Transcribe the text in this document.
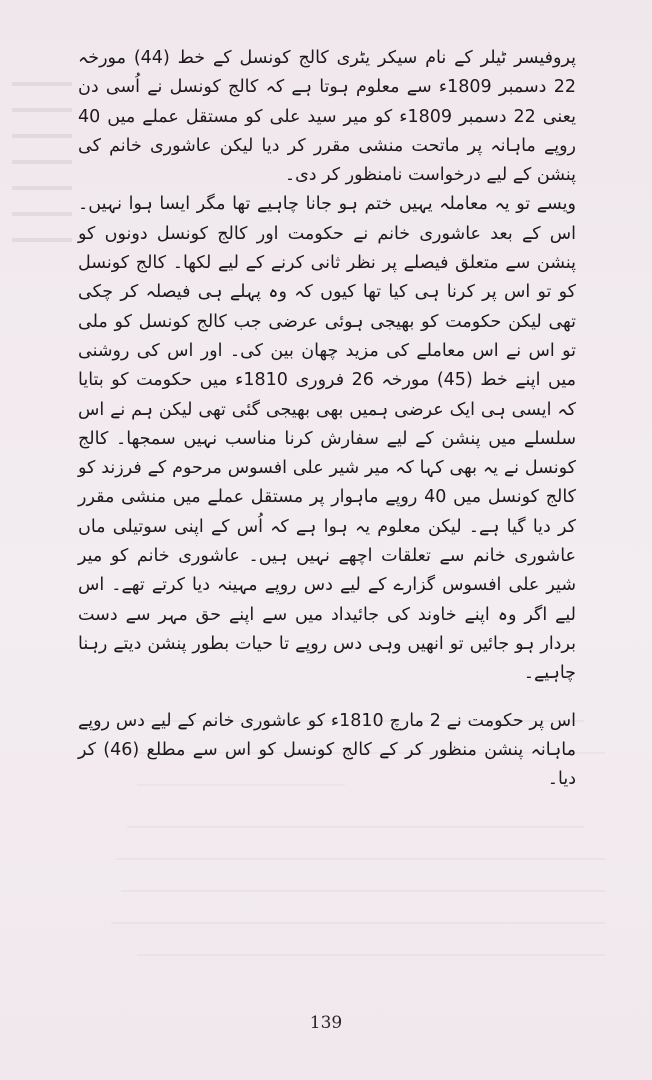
پروفیسر ٹیلر کے نام سیکر یٹری کالج کونسل کے خط (44) مورخہ 22 دسمبر 1809ء سے معلوم ہوتا ہے کہ کالج کونسل نے اُسی دن یعنی 22 دسمبر 1809ء کو میر سید علی کو مستقل عملے میں 40 روپے ماہانہ پر ماتحت منشی مقرر کر دیا لیکن عاشوری خانم کی پنشن کے لیے درخواست نامنظور کر دی۔

ویسے تو یہ معاملہ یہیں ختم ہو جانا چاہیے تھا مگر ایسا ہوا نہیں۔ اس کے بعد عاشوری خانم نے حکومت اور کالج کونسل دونوں کو پنشن سے متعلق فیصلے پر نظر ثانی کرنے کے لیے لکھا۔ کالج کونسل کو تو اس پر کرنا ہی کیا تھا کیوں کہ وہ پہلے ہی فیصلہ کر چکی تھی لیکن حکومت کو بھیجی ہوئی عرضی جب کالج کونسل کو ملی تو اس نے اس معاملے کی مزید چھان بین کی۔ اور اس کی روشنی میں اپنے خط (45) مورخہ 26 فروری 1810ء میں حکومت کو بتایا کہ ایسی ہی ایک عرضی ہمیں بھی بھیجی گئی تھی لیکن ہم نے اس سلسلے میں پنشن کے لیے سفارش کرنا مناسب نہیں سمجھا۔ کالج کونسل نے یہ بھی کہا کہ میر شیر علی افسوس مرحوم کے فرزند کو کالج کونسل میں 40 روپے ماہوار پر مستقل عملے میں منشی مقرر کر دیا گیا ہے۔ لیکن معلوم یہ ہوا ہے کہ اُس کے اپنی سوتیلی ماں عاشوری خانم سے تعلقات اچھے نہیں ہیں۔ عاشوری خانم کو میر شیر علی افسوس گزارے کے لیے دس روپے مہینہ دیا کرتے تھے۔ اس لیے اگر وہ اپنے خاوند کی جائیداد میں سے اپنے حق مہر سے دست بردار ہو جائیں تو انھیں وہی دس روپے تا حیات بطور پنشن دیتے رہنا چاہیے۔

اس پر حکومت نے 2 مارچ 1810ء کو عاشوری خانم کے لیے دس روپے ماہانہ پنشن منظور کر کے کالج کونسل کو اس سے مطلع (46) کر دیا۔

139
